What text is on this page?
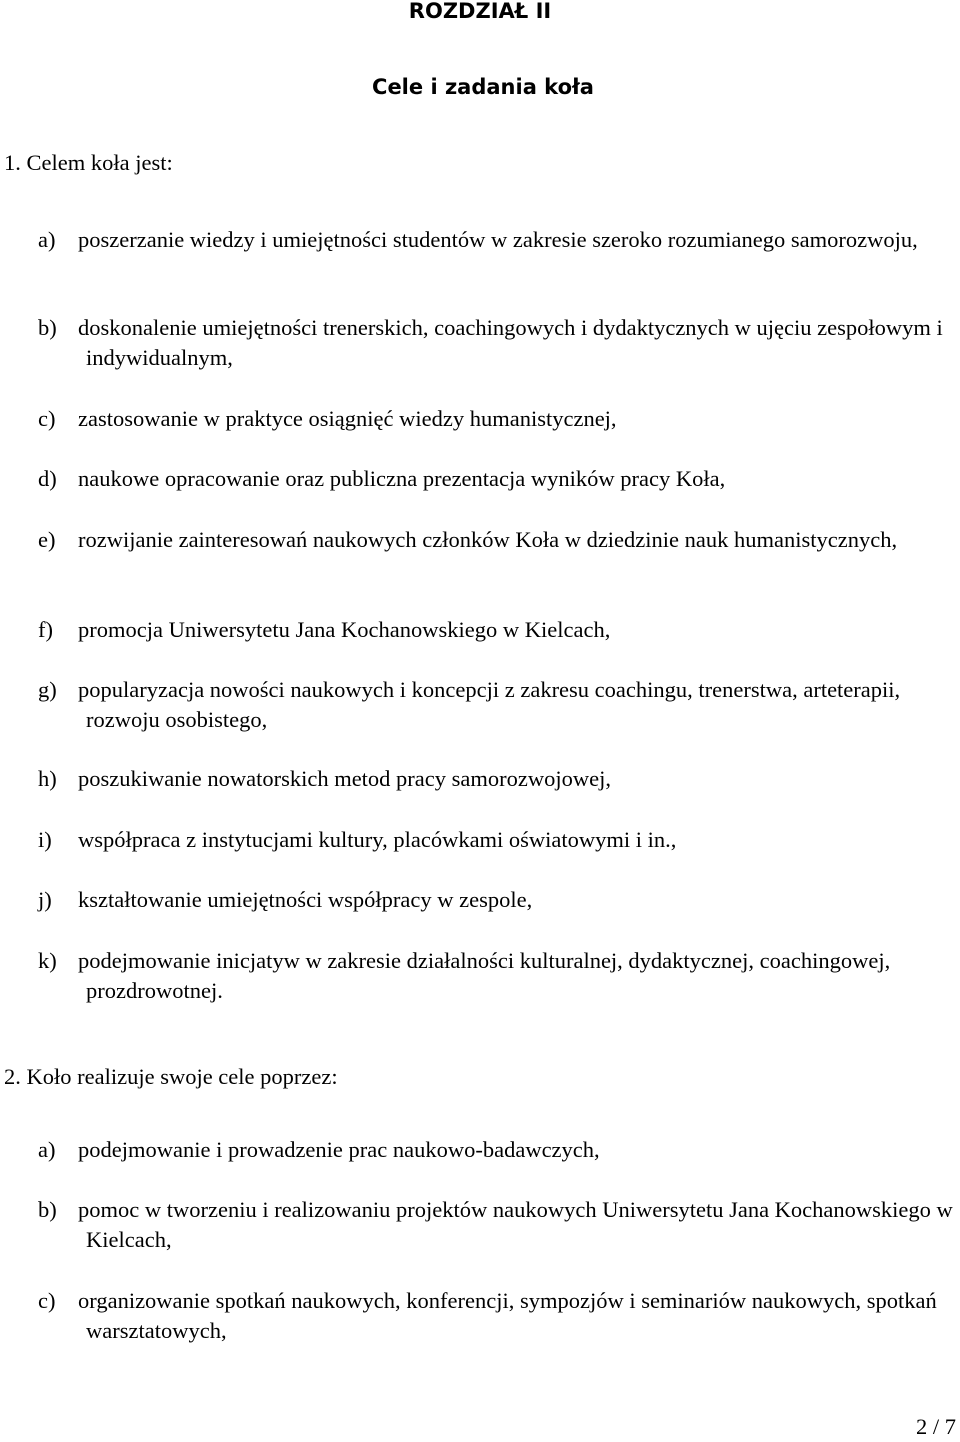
ROZDZIAŁ II
Cele i zadania koła
1. Celem koła jest:
a) poszerzanie wiedzy i umiejętności studentów w zakresie szeroko rozumianego samorozwoju,
b) doskonalenie umiejętności trenerskich, coachingowych i dydaktycznych w ujęciu zespołowym i indywidualnym,
c) zastosowanie w praktyce osiągnięć wiedzy humanistycznej,
d) naukowe opracowanie oraz publiczna prezentacja wyników pracy Koła,
e) rozwijanie zainteresowań naukowych członków Koła w dziedzinie nauk humanistycznych,
f) promocja Uniwersytetu Jana Kochanowskiego w Kielcach,
g) popularyzacja nowości naukowych i koncepcji z zakresu coachingu, trenerstwa, arteterapii, rozwoju osobistego,
h) poszukiwanie nowatorskich metod pracy samorozwojowej,
i) współpraca z instytucjami kultury, placówkami oświatowymi i in.,
j) kształtowanie umiejętności współpracy w zespole,
k) podejmowanie inicjatyw w zakresie działalności kulturalnej, dydaktycznej, coachingowej, prozdrowotnej.
2. Koło realizuje swoje cele poprzez:
a) podejmowanie i prowadzenie prac naukowo-badawczych,
b) pomoc w tworzeniu i realizowaniu projektów naukowych Uniwersytetu Jana Kochanowskiego w Kielcach,
c) organizowanie spotkań naukowych, konferencji, sympozjów i seminariów naukowych, spotkań warsztatowych,
2 / 7
